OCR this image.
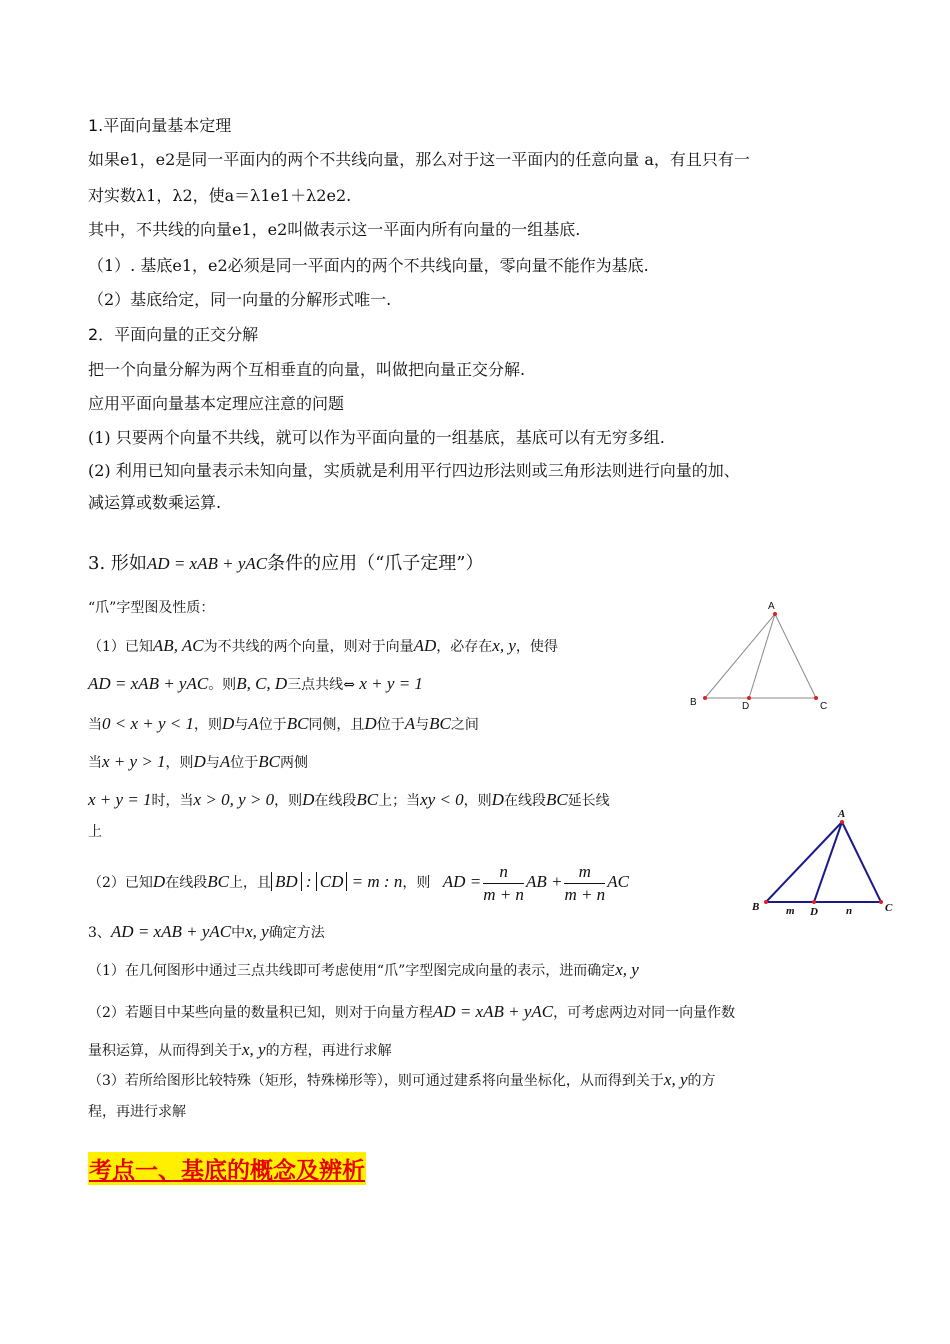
1.平面向量基本定理
如果e1，e2是同一平面内的两个不共线向量，那么对于这一平面内的任意向量 a，有且只有一
对实数λ1，λ2，使a＝λ1e1＋λ2e2.
其中，不共线的向量e1，e2叫做表示这一平面内所有向量的一组基底.
（1）. 基底e1，e2必须是同一平面内的两个不共线向量，零向量不能作为基底.
（2）基底给定，同一向量的分解形式唯一.
2．平面向量的正交分解
把一个向量分解为两个互相垂直的向量，叫做把向量正交分解.
应用平面向量基本定理应注意的问题
(1) 只要两个向量不共线，就可以作为平面向量的一组基底，基底可以有无穷多组.
(2) 利用已知向量表示未知向量，实质就是利用平行四边形法则或三角形法则进行向量的加、
减运算或数乘运算.
3. 形如AD = xAB + yAC条件的应用（“爪子定理”）
“爪”字型图及性质：
（1）已知AB, AC为不共线的两个向量，则对于向量AD，必存在x, y，使得
AD = xAB + yAC。则B, C, D三点共线⇔ x + y = 1
当0 < x + y < 1，则D与A位于BC同侧，且D位于A与BC之间
当x + y > 1，则D与A位于BC两侧
x + y = 1时，当x > 0, y > 0，则D在线段BC上；当xy < 0，则D在线段BC延长线
上
（2）已知D在线段BC上，且 BD : CD = m : n，则 AD = $\frac{n}{m + n}$ AB + $\frac{m}{m + n}$ AC
3、AD = xAB + yAC中x, y确定方法
（1）在几何图形中通过三点共线即可考虑使用“爪”字型图完成向量的表示，进而确定x, y
（2）若题目中某些向量的数量积已知，则对于向量方程AD = xAB + yAC，可考虑两边对同一向量作数
量积运算，从而得到关于x, y的方程，再进行求解
（3）若所给图形比较特殊（矩形，特殊梯形等），则可通过建系将向量坐标化，从而得到关于x, y的方
程，再进行求解
考点一、基底的概念及辨析
A
B	C
D
A
B	C
D
m	n
